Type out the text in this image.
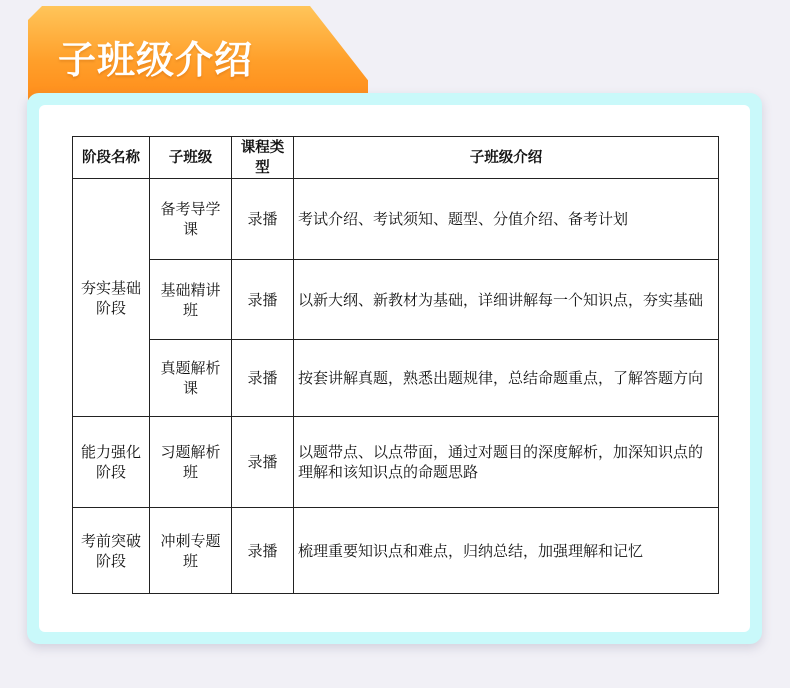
子班级介绍
阶段名称	子班级	课程类型	子班级介绍
夯实基础阶段	备考导学课	录播	考试介绍、考试须知、题型、分值介绍、备考计划
	基础精讲班	录播	以新大纲、新教材为基础，详细讲解每一个知识点，夯实基础
	真题解析课	录播	按套讲解真题，熟悉出题规律，总结命题重点，了解答题方向
能力强化阶段	习题解析班	录播	以题带点、以点带面，通过对题目的深度解析，加深知识点的理解和该知识点的命题思路
考前突破阶段	冲刺专题班	录播	梳理重要知识点和难点，归纳总结，加强理解和记忆
